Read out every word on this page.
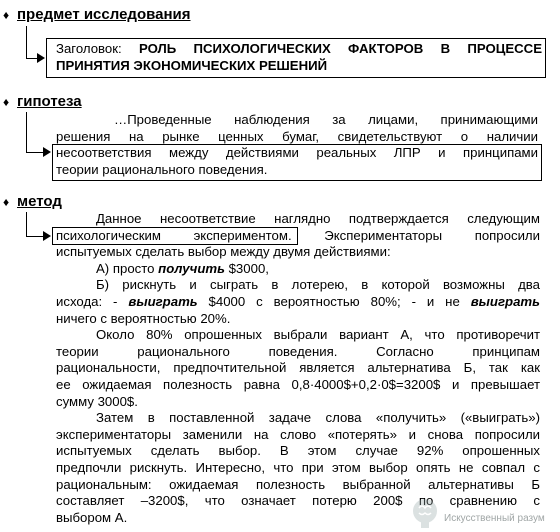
♦ предмет исследования
Заголовок: РОЛЬ ПСИХОЛОГИЧЕСКИХ ФАКТОРОВ В ПРОЦЕССЕ
ПРИНЯТИЯ ЭКОНОМИЧЕСКИХ РЕШЕНИЙ
♦ гипотеза
…Проведенные наблюдения за лицами, принимающими
решения на рынке ценных бумаг, свидетельствуют о наличии
несоответствия между действиями реальных ЛПР и принципами
теории рационального поведения.
♦ метод
Данное несоответствие наглядно подтверждается следующим
психологическим экспериментом. Экспериментаторы попросили
испытуемых сделать выбор между двумя действиями:
А) просто получить $3000,
Б) рискнуть и сыграть в лотерею, в которой возможны два
исхода: - выиграть $4000 с вероятностью 80%; - и не выиграть
ничего с вероятностью 20%.
Около 80% опрошенных выбрали вариант А, что противоречит
теории рационального поведения. Согласно принципам
рациональности, предпочтительной является альтернатива Б, так как
ее ожидаемая полезность равна 0,8·4000$+0,2·0$=3200$ и превышает
сумму 3000$.
Затем в поставленной задаче слова «получить» («выиграть»)
экспериментаторы заменили на слово «потерять» и снова попросили
испытуемых сделать выбор. В этом случае 92% опрошенных
предпочли рискнуть. Интересно, что при этом выбор опять не совпал с
рациональным: ожидаемая полезность выбранной альтернативы Б
составляет –3200$, что означает потерю 200$ по сравнению с
выбором А.	Искусственный разум
